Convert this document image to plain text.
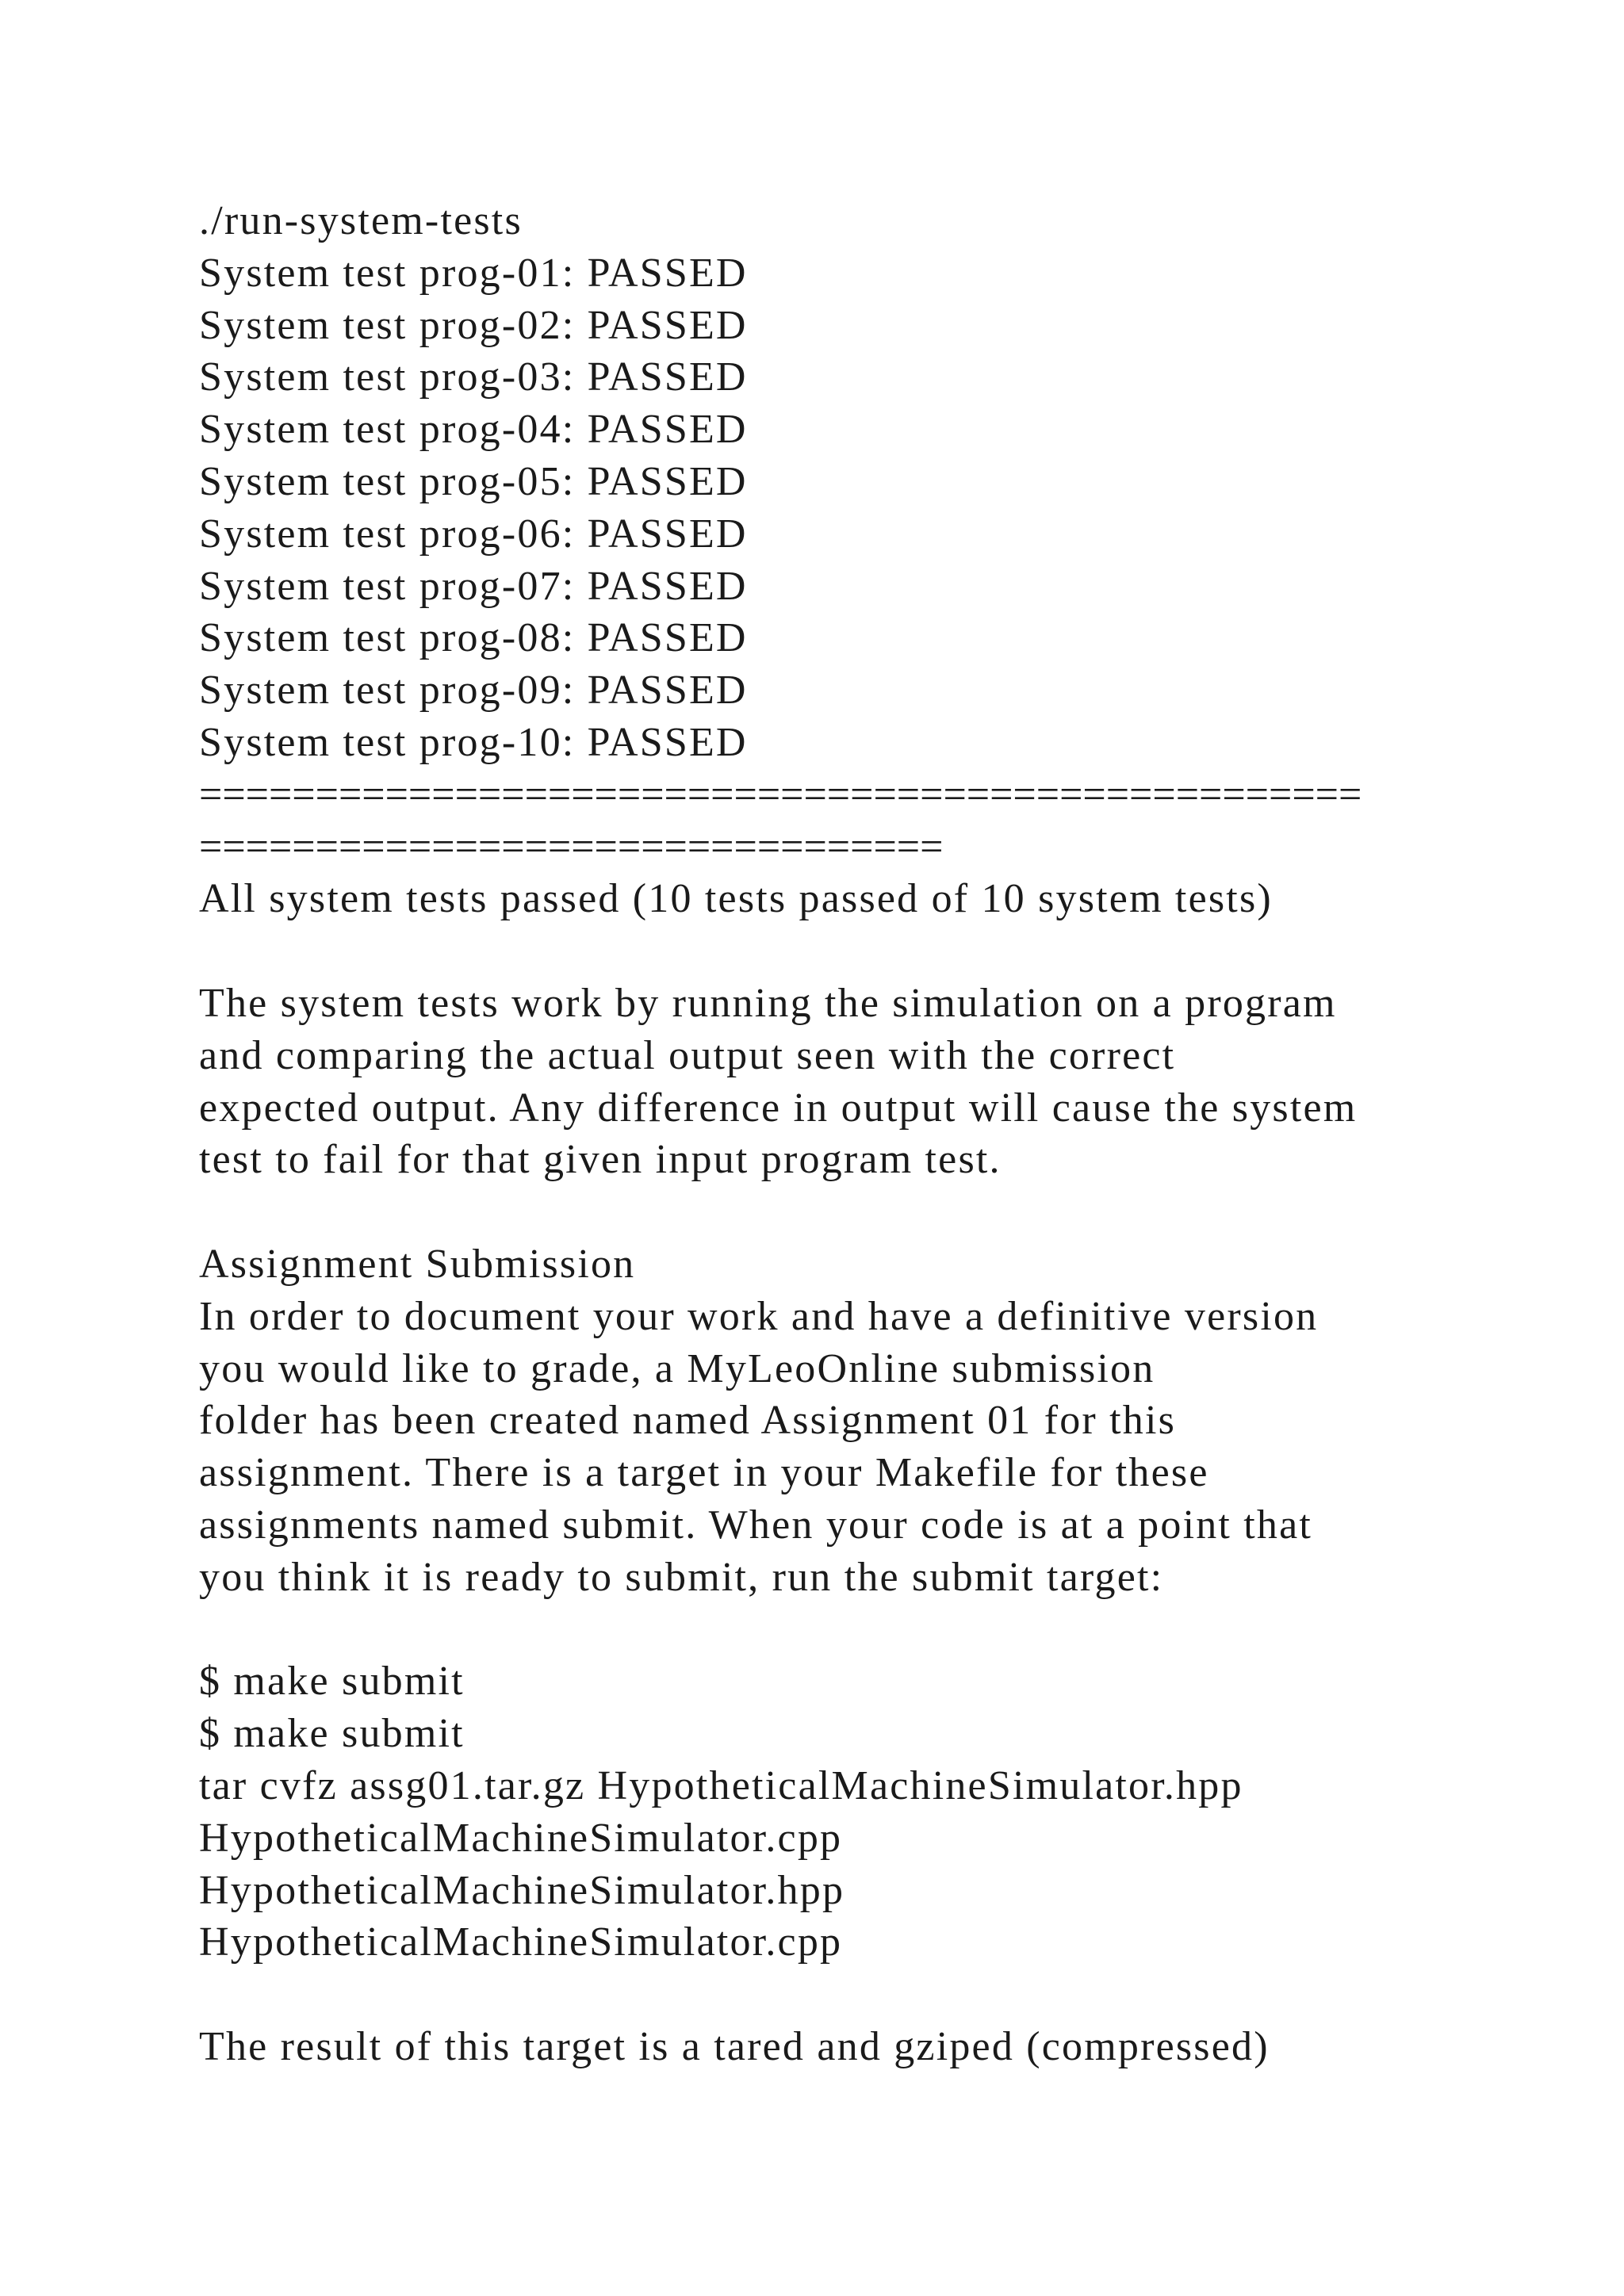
./run-system-tests
System test prog-01: PASSED
System test prog-02: PASSED
System test prog-03: PASSED
System test prog-04: PASSED
System test prog-05: PASSED
System test prog-06: PASSED
System test prog-07: PASSED
System test prog-08: PASSED
System test prog-09: PASSED
System test prog-10: PASSED
==================================================
================================
All system tests passed (10 tests passed of 10 system tests)
The system tests work by running the simulation on a program
and comparing the actual output seen with the correct
expected output. Any difference in output will cause the system
test to fail for that given input program test.
Assignment Submission
In order to document your work and have a definitive version
you would like to grade, a MyLeoOnline submission
folder has been created named Assignment 01 for this
assignment. There is a target in your Makefile for these
assignments named submit. When your code is at a point that
you think it is ready to submit, run the submit target:
$ make submit
$ make submit
tar cvfz assg01.tar.gz HypotheticalMachineSimulator.hpp
HypotheticalMachineSimulator.cpp
HypotheticalMachineSimulator.hpp
HypotheticalMachineSimulator.cpp
The result of this target is a tared and gziped (compressed)
